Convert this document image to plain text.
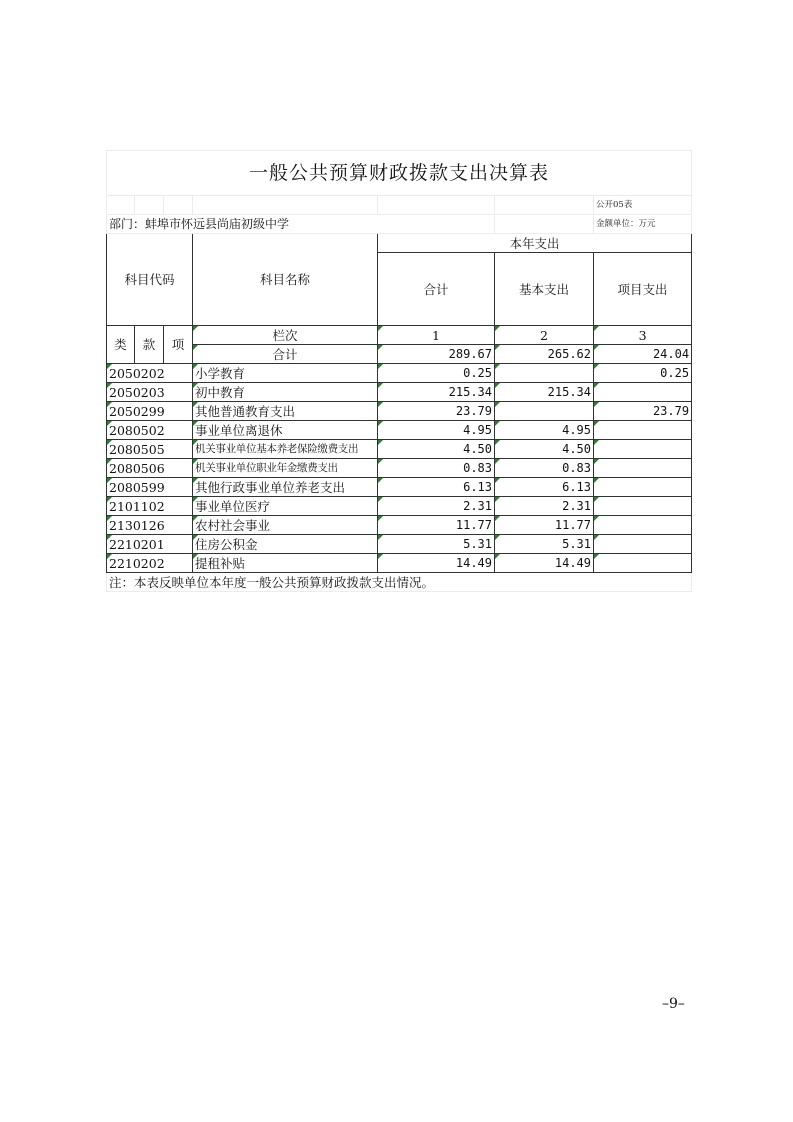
一般公共预算财政拨款支出决算表						
						公开05表
部门：蚌埠市怀远县尚庙初级中学						金额单位：万元
科目代码			科目名称	本年支出		
				合计	基本支出	项目支出

类	款	项	栏次	1	2	3
			合计	289.67	265.62	24.04
2050202			小学教育	0.25		0.25
2050203			初中教育	215.34	215.34	
2050299			其他普通教育支出	23.79		23.79
2080502			事业单位离退休	4.95	4.95	
2080505			机关事业单位基本养老保险缴费支出	4.50	4.50	
2080506			机关事业单位职业年金缴费支出	0.83	0.83	
2080599			其他行政事业单位养老支出	6.13	6.13	
2101102			事业单位医疗	2.31	2.31	
2130126			农村社会事业	11.77	11.77	
2210201			住房公积金	5.31	5.31	
2210202			提租补贴	14.49	14.49	
注：本表反映单位本年度一般公共预算财政拨款支出情况。						
–9–
